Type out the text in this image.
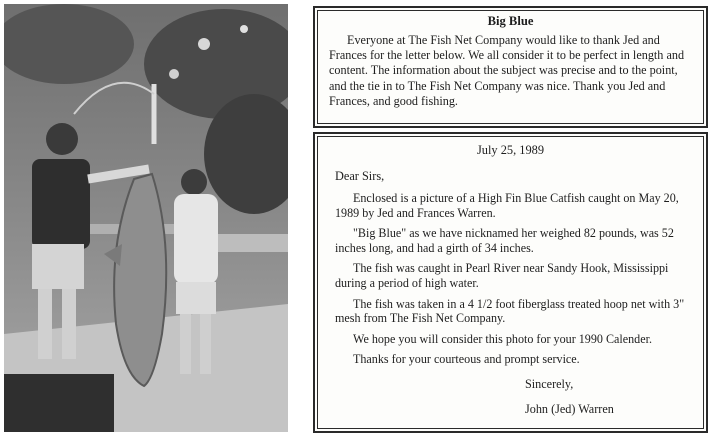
Big Blue

Everyone at The Fish Net Company would like to thank Jed and Frances for the letter below. We all consider it to be perfect in length and content. The information about the subject was precise and to the point, and the tie in to The Fish Net Company was nice. Thank you Jed and Frances, and good fishing.

July 25, 1989

Dear Sirs,

Enclosed is a picture of a High Fin Blue Catfish caught on May 20, 1989 by Jed and Frances Warren.

"Big Blue" as we have nicknamed her weighed 82 pounds, was 52 inches long, and had a girth of 34 inches.

The fish was caught in Pearl River near Sandy Hook, Mississippi during a period of high water.

The fish was taken in a 4 1/2 foot fiberglass treated hoop net with 3" mesh from The Fish Net Company.

We hope you will consider this photo for your 1990 Calender.

Thanks for your courteous and prompt service.

Sincerely,

John (Jed) Warren
